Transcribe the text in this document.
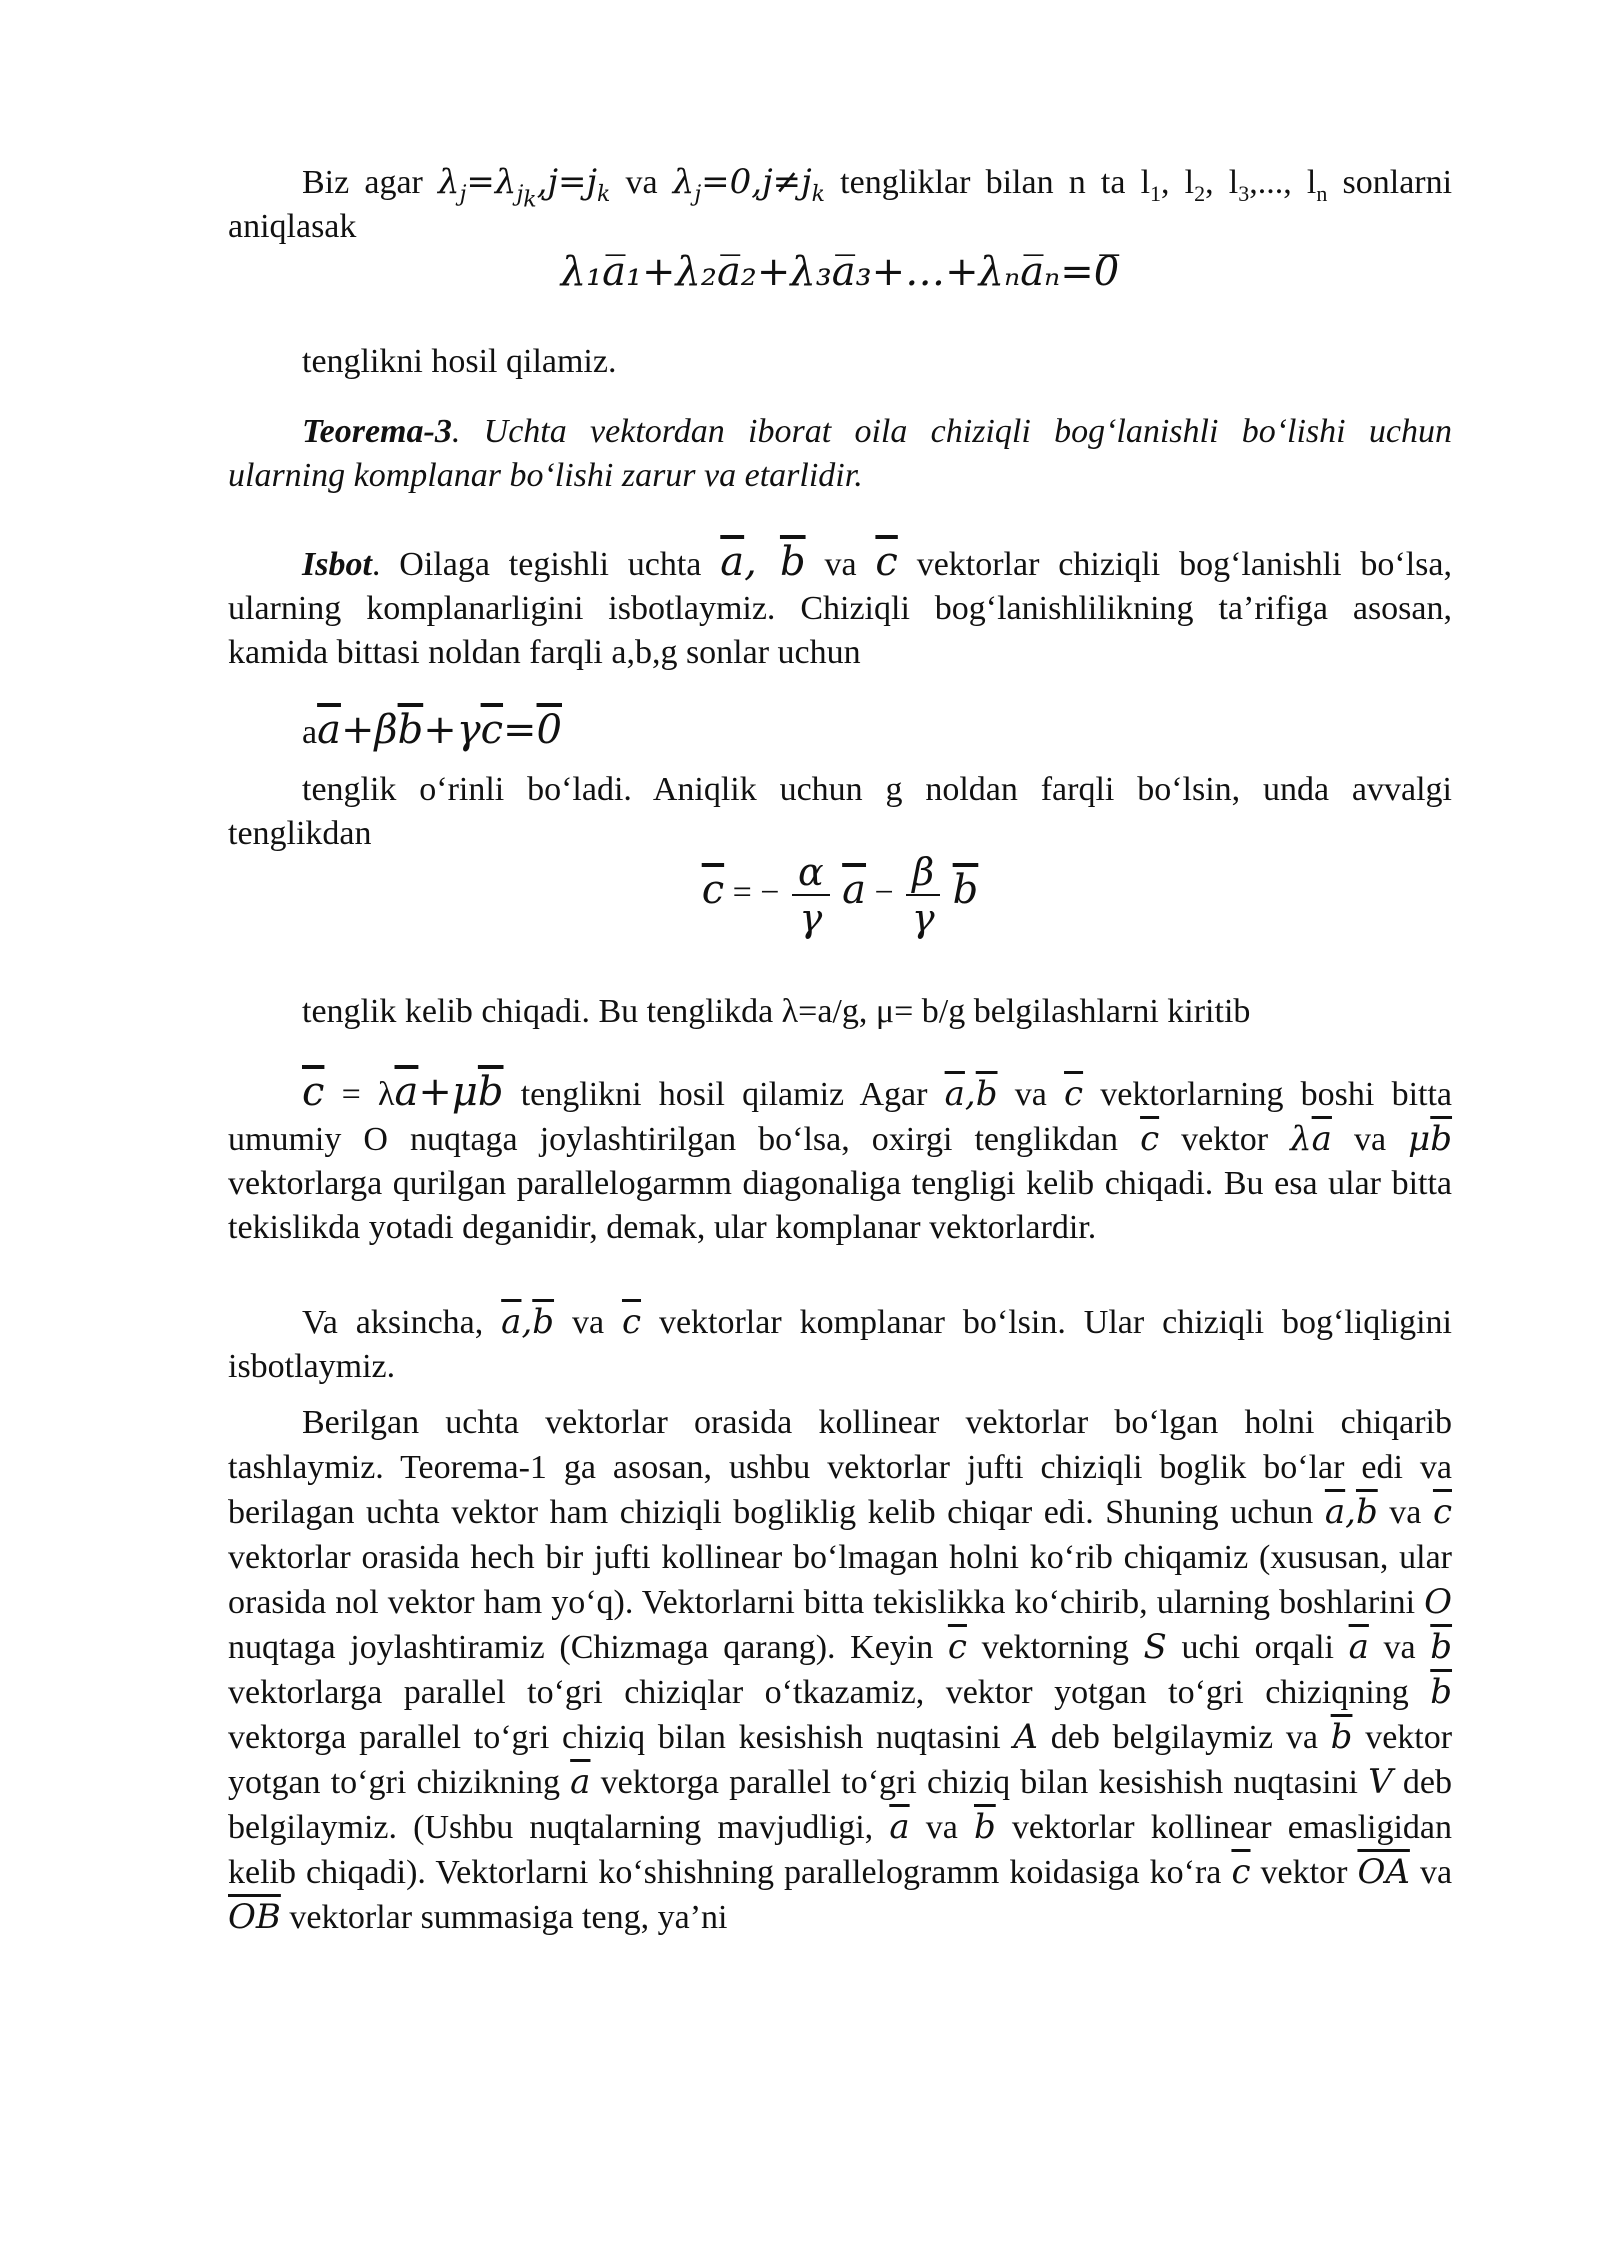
Biz agar $\lambda_j=\lambda_{j_k},j=j_k$ va $\lambda_j=0,j\ne j_k$ tengliklar bilan n ta $l_1$, $l_2$, $l_3$,..., $l_n$ sonlarni aniqlasak

λ₁a̅₁+λ₂a̅₂+λ₃a̅₃+…+λₙa̅ₙ=0̅

tenglikni hosil qilamiz.

Teorema-3. Uchta vektordan iborat oila chiziqli bog‘lanishli bo‘lishi uchun ularning komplanar bo‘lishi zarur va etarlidir.

Isbot. Oilaga tegishli uchta $\overline{a}$, $\overline{b}$ va $\overline{c}$ vektorlar chiziqli bog‘lanishli bo‘lsa, ularning komplanarligini isbotlaymiz. Chiziqli bog‘lanishlilikning ta’rifiga asosan, kamida bittasi noldan farqli a,b,g sonlar uchun

$a\overline{a}+\beta\overline{b}+\gamma\overline{c}=0$

tenglik o‘rinli bo‘ladi. Aniqlik uchun g noldan farqli bo‘lsin, unda avvalgi tenglikdan

$\overline{c}$ = − $\frac{\alpha}{\gamma} \overline{a} - \frac{\beta}{\gamma} \overline{b}$

tenglik kelib chiqadi. Bu tenglikda λ=a/g, μ= b/g belgilashlarni kiritib

$\overline{c} = \lambda\overline{a}+\mu\overline{b}$ tenglikni hosil qilamiz Agar $\overline{a},\overline{b}$ va $\overline{c}$ vektorlarning boshi bitta umumiy O nuqtaga joylashtirilgan bo‘lsa, oxirgi tenglikdan $\overline{c}$ vektor $\lambda\overline{a}$ va $\mu\overline{b}$ vektorlarga qurilgan parallelogarmm diagonaliga tengligi kelib chiqadi. Bu esa ular bitta tekislikda yotadi deganidir, demak, ular komplanar vektorlardir.

Va aksincha, $\overline{a},\overline{b}$ va $\overline{c}$ vektorlar komplanar bo‘lsin. Ular chiziqli bog‘liqligini isbotlaymiz.

Berilgan uchta vektorlar orasida kollinear vektorlar bo‘lgan holni chiqarib tashlaymiz. Teorema-1 ga asosan, ushbu vektorlar jufti chiziqli boglik bo‘lar edi va berilagan uchta vektor ham chiziqli bogliklig kelib chiqar edi. Shuning uchun $\overline{a},\overline{b}$ va $\overline{c}$ vektorlar orasida hech bir jufti kollinear bo‘lmagan holni ko‘rib chiqamiz (xususan, ular orasida nol vektor ham yo‘q). Vektorlarni bitta tekislikka ko‘chirib, ularning boshlarini O nuqtaga joylashtiramiz (Chizmaga qarang). Keyin $\overline{c}$ vektorning S uchi orqali $\overline{a}$ va $\overline{b}$ vektorlarga parallel to‘gri chiziqlar o‘tkazamiz, vektor yotgan to‘gri chiziqning $\overline{b}$ vektorga parallel to‘gri chiziq bilan kesishish nuqtasini A deb belgilaymiz va $\overline{b}$ vektor yotgan to‘gri chizikning $\overline{a}$ vektorga parallel to‘gri chiziq bilan kesishish nuqtasini V deb belgilaymiz. (Ushbu nuqtalarning mavjudligi, $\overline{a}$ va $\overline{b}$ vektorlar kollinear emasligidan kelib chiqadi). Vektorlarni ko‘shishning parallelogramm koidasiga ko‘ra $\overline{c}$ vektor $\overline{OA}$ va $\overline{OB}$ vektorlar summasiga teng, ya’ni
